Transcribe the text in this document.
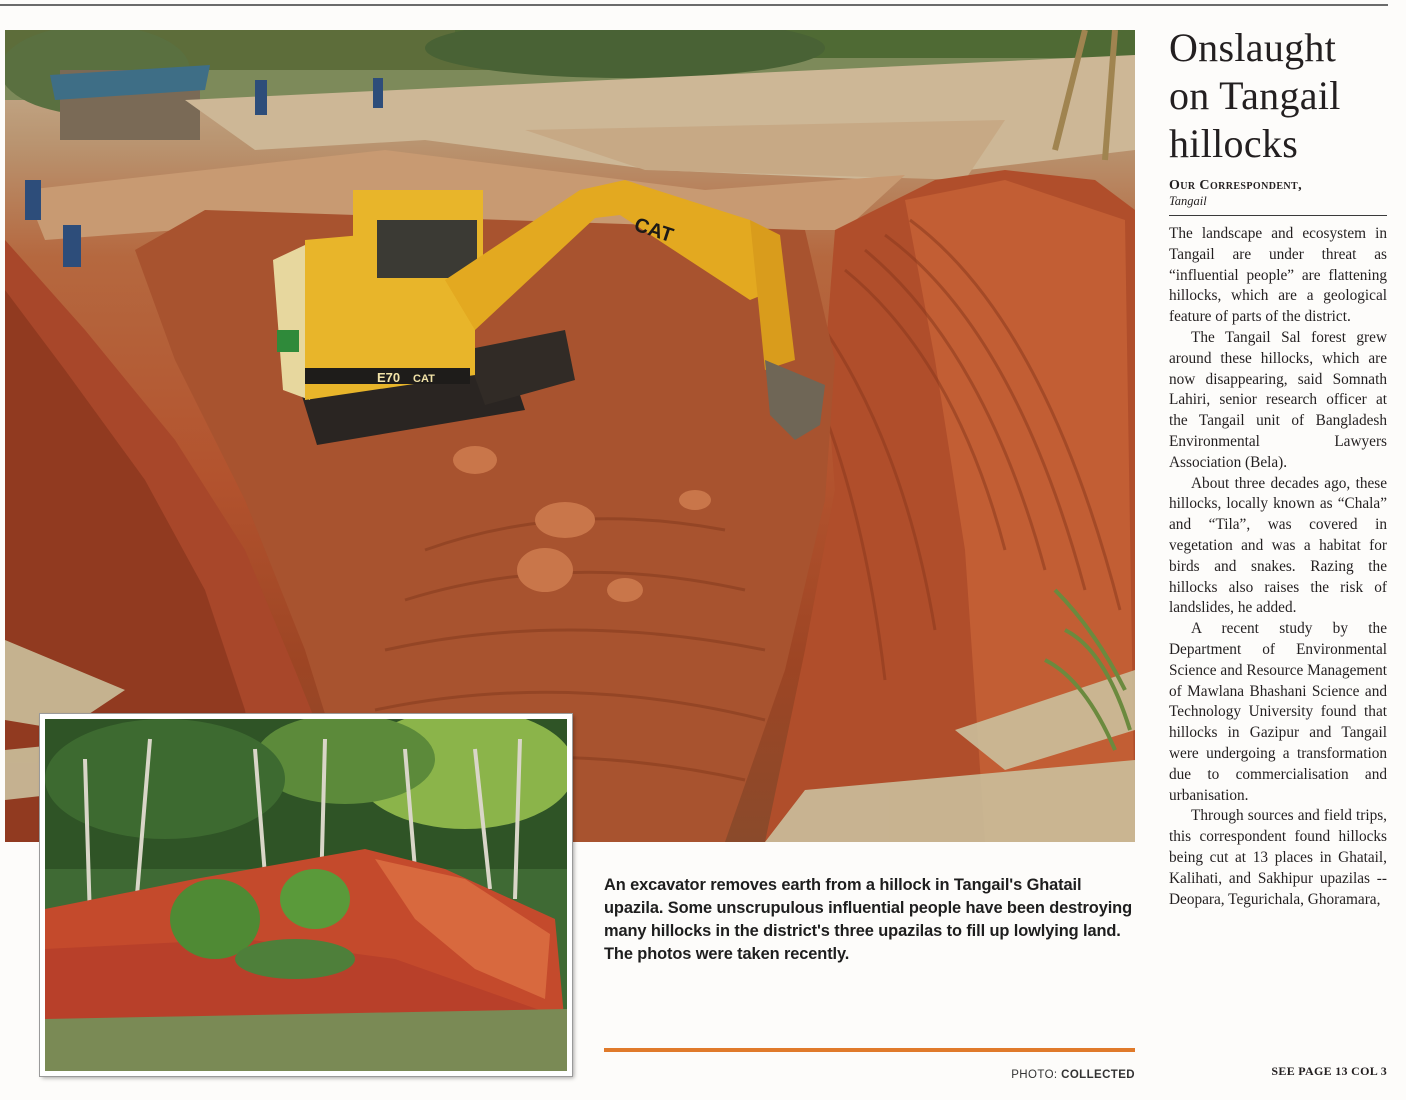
CAT
E70 CAT

An excavator removes earth from a hillock in Tangail's Ghatail upazila. Some unscrupulous influential people have been destroying many hillocks in the district's three upazilas to fill up lowlying land. The photos were taken recently.

PHOTO: COLLECTED
Onslaught
on Tangail
hillocks
Our Correspondent,
Tangail

The landscape and ecosystem in Tangail are under threat as “influential people” are flattening hillocks, which are a geological feature of parts of the district.

The Tangail Sal forest grew around these hillocks, which are now disappearing, said Somnath Lahiri, senior research officer at the Tangail unit of Bangladesh Environmental Lawyers Association (Bela).

About three decades ago, these hillocks, locally known as “Chala” and “Tila”, was covered in vegetation and was a habitat for birds and snakes. Razing the hillocks also raises the risk of landslides, he added.

A recent study by the Department of Environmental Science and Resource Management of Mawlana Bhashani Science and Technology University found that hillocks in Gazipur and Tangail were undergoing a transformation due to commercialisation and urbanisation.

Through sources and field trips, this correspondent found hillocks being cut at 13 places in Ghatail, Kalihati, and Sakhipur upazilas -- Deopara, Tegurichala, Ghoramara,

SEE PAGE 13 COL 3
